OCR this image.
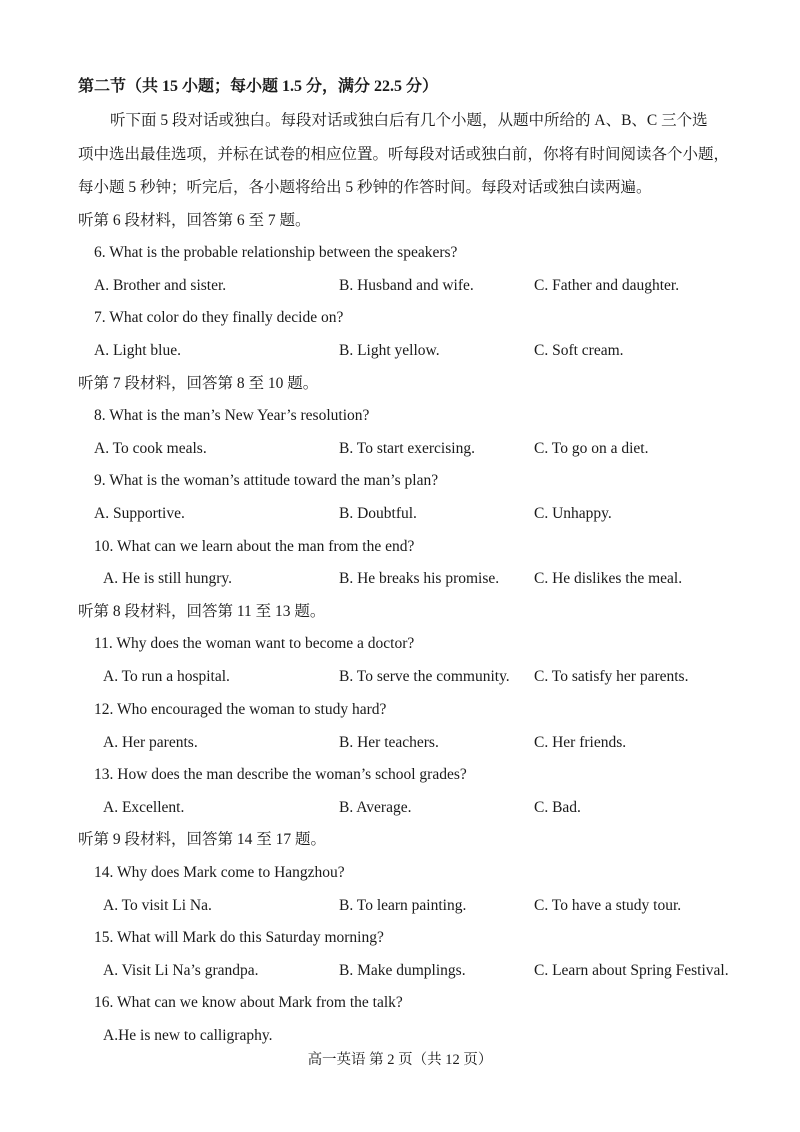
第二节（共 15 小题；每小题 1.5 分，满分 22.5 分）
听下面 5 段对话或独白。每段对话或独白后有几个小题，从题中所给的 A、B、C 三个选
项中选出最佳选项，并标在试卷的相应位置。听每段对话或独白前，你将有时间阅读各个小题，
每小题 5 秒钟；听完后，各小题将给出 5 秒钟的作答时间。每段对话或独白读两遍。
听第 6 段材料，回答第 6 至 7 题。
6. What is the probable relationship between the speakers?
A. Brother and sister.	B. Husband and wife.	C. Father and daughter.
7. What color do they finally decide on?
A. Light blue.	B. Light yellow.	C. Soft cream.
听第 7 段材料，回答第 8 至 10 题。
8. What is the man’s New Year’s resolution?
A. To cook meals.	B. To start exercising.	C. To go on a diet.
9. What is the woman’s attitude toward the man’s plan?
A. Supportive.	B. Doubtful.	C. Unhappy.
10. What can we learn about the man from the end?
A. He is still hungry.	B. He breaks his promise. C. He dislikes the meal.
听第 8 段材料，回答第 11 至 13 题。
11. Why does the woman want to become a doctor?
A. To run a hospital.	B. To serve the community. C. To satisfy her parents.
12. Who encouraged the woman to study hard?
A. Her parents.	B. Her teachers.	C. Her friends.
13. How does the man describe the woman’s school grades?
A. Excellent.	B. Average.	C. Bad.
听第 9 段材料，回答第 14 至 17 题。
14. Why does Mark come to Hangzhou?
A. To visit Li Na.	B. To learn painting.	C. To have a study tour.
15. What will Mark do this Saturday morning?
A. Visit Li Na’s grandpa.	B. Make dumplings.	C. Learn about Spring Festival.
16. What can we know about Mark from the talk?
A.He is new to calligraphy.
高一英语 第 2 页（共 12 页）
